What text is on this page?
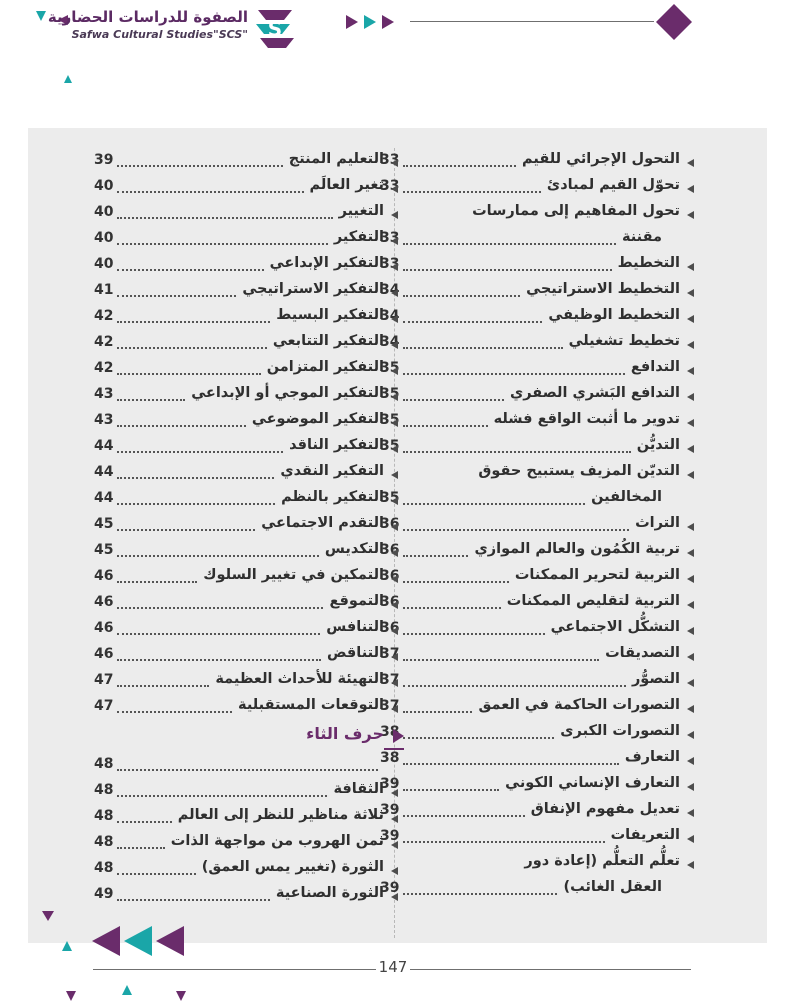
الصفوة للدراسات الحضارية
Safwa Cultural Studies"SCS" S
التحول الإجرائي للقيم
33
تحوّل القيم لمبادئ
33
تحول المفاهيم إلى ممارسات
مقننة
33
التخطيط
33
التخطيط الاستراتيجي
34
التخطيط الوظيفي
34
تخطيط تشغيلي
34
التدافع
35
التدافع البَشري الصفري
35
تدوير ما أثبت الواقع فشله
35
التديُّن
35
التديّن المزيف يستبيح حقوق
المخالفين
35
التراث
36
تربية الكُمُون والعالم الموازي
36
التربية لتحرير الممكنات
36
التربية لتقليص الممكنات
36
التشكُّل الاجتماعي
36
التصديقات
37
التصوُّر
37
التصورات الحاكمة في العمق
37
التصورات الكبرى
38
التعارف
38
التعارف الإنساني الكوني
39
تعديل مفهوم الإنفاق
39
التعريفات
39
تعلُّم التعلُّم (إعادة دور
العقل الغائب)
39
التعليم المنتج
39
تغير العالَم
40
التغيير
40
التفكير
40
التفكير الإبداعي
40
التفكير الاستراتيجي
41
التفكير البسيط
42
التفكير التتابعي
42
التفكير المتزامن
42
التفكير الموجي أو الإبداعي
43
التفكير الموضوعي
43
التفكير الناقد
44
التفكير النقدي
44
التفكير بالنظم
44
التقدم الاجتماعي
45
التكديس
45
التمكين في تغيير السلوك
46
التموقع
46
التنافس
46
التناقض
46
التهيئة للأحداث العظيمة
47
التوقعات المستقبلية
47
حرف الثاء
48
الثقافة
48
ثلاثة مناظير للنظر إلى العالم
48
ثمن الهروب من مواجهة الذات
48
الثورة (تغيير يمس العمق)
48
الثورة الصناعية
49
147
